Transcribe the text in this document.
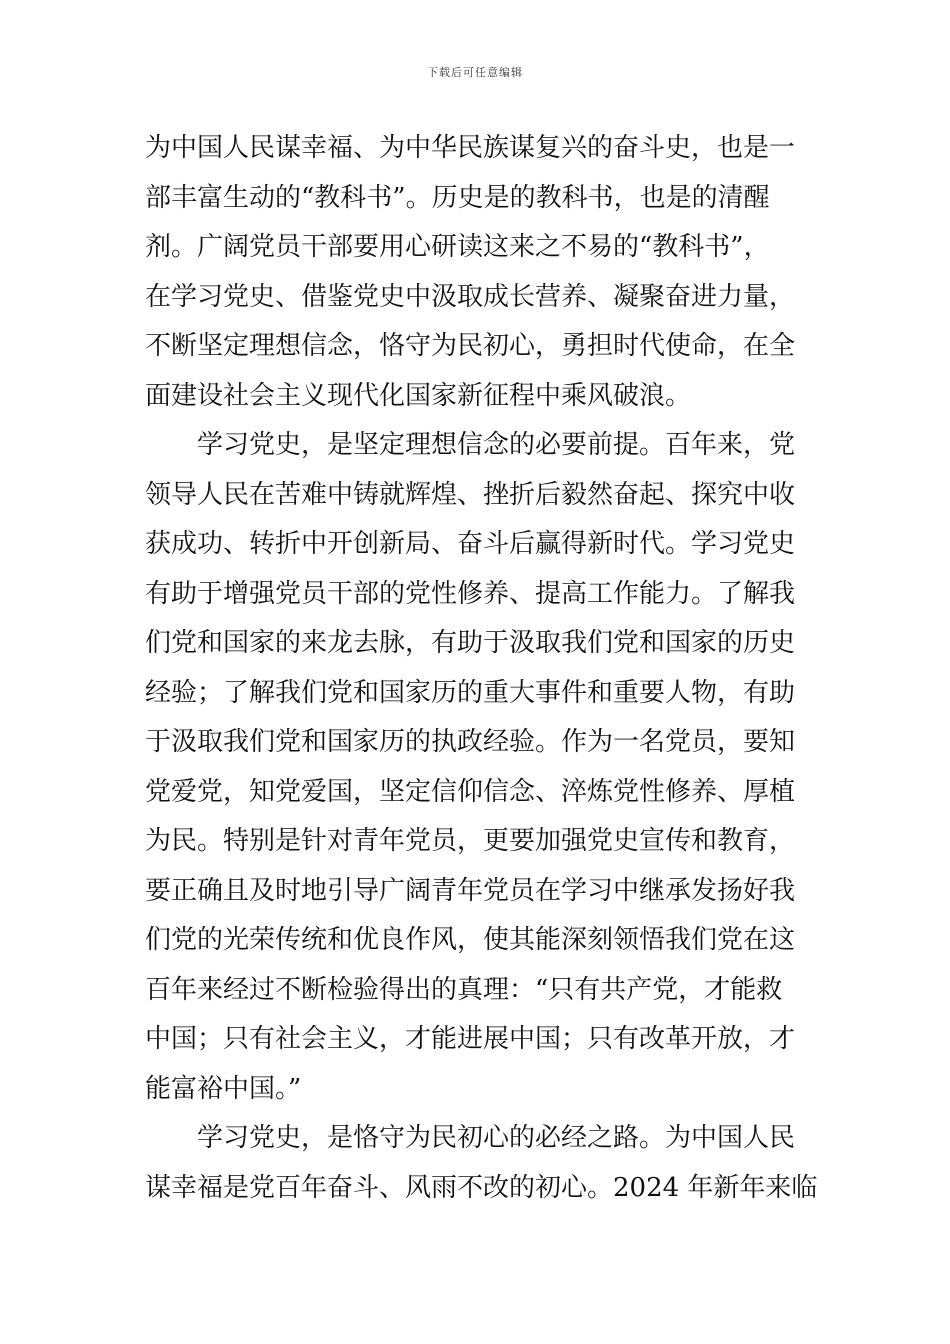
下载后可任意编辑
为中国人民谋幸福、为中华民族谋复兴的奋斗史，也是一
部丰富生动的“教科书”。历史是的教科书，也是的清醒
剂。广阔党员干部要用心研读这来之不易的“教科书”，
在学习党史、借鉴党史中汲取成长营养、凝聚奋进力量，
不断坚定理想信念，恪守为民初心，勇担时代使命，在全
面建设社会主义现代化国家新征程中乘风破浪。
学习党史，是坚定理想信念的必要前提。百年来，党
领导人民在苦难中铸就辉煌、挫折后毅然奋起、探究中收
获成功、转折中开创新局、奋斗后赢得新时代。学习党史
有助于增强党员干部的党性修养、提高工作能力。了解我
们党和国家的来龙去脉，有助于汲取我们党和国家的历史
经验；了解我们党和国家历的重大事件和重要人物，有助
于汲取我们党和国家历的执政经验。作为一名党员，要知
党爱党，知党爱国，坚定信仰信念、淬炼党性修养、厚植
为民。特别是针对青年党员，更要加强党史宣传和教育，
要正确且及时地引导广阔青年党员在学习中继承发扬好我
们党的光荣传统和优良作风，使其能深刻领悟我们党在这
百年来经过不断检验得出的真理：“只有共产党，才能救
中国；只有社会主义，才能进展中国；只有改革开放，才
能富裕中国。”
学习党史，是恪守为民初心的必经之路。为中国人民
谋幸福是党百年奋斗、风雨不改的初心。2024 年新年来临
